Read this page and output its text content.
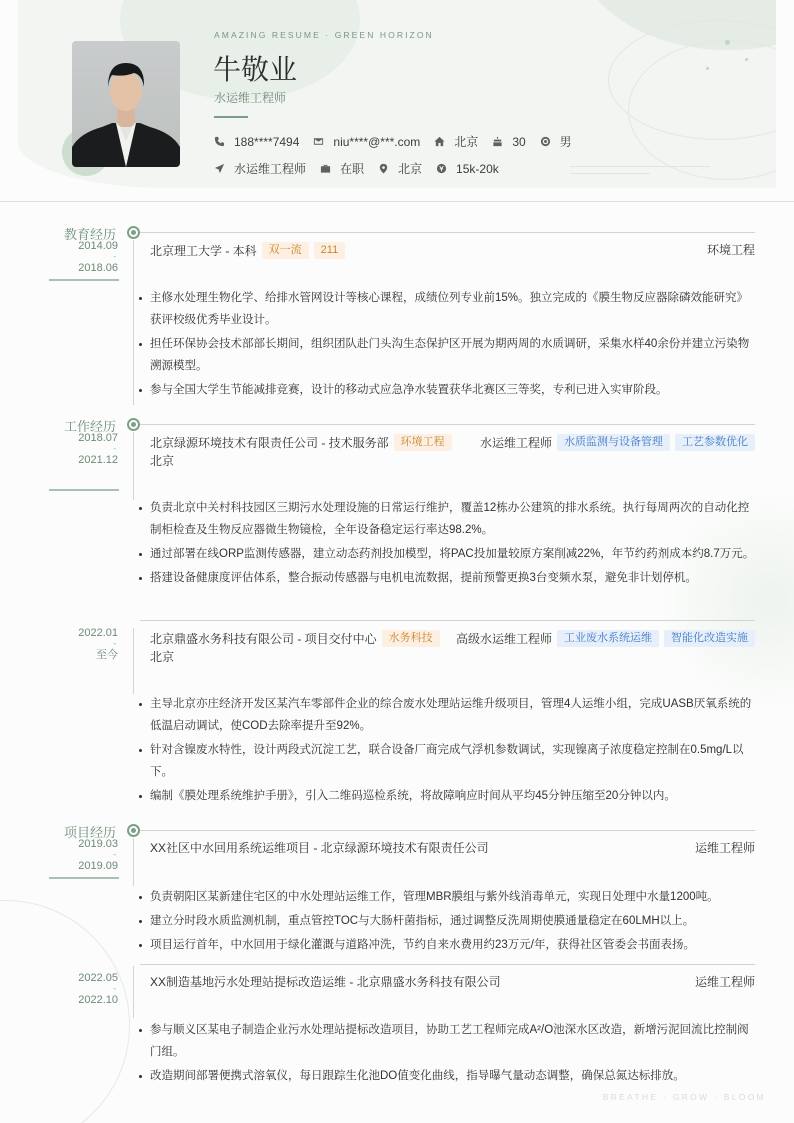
AMAZING RESUME · GREEN HORIZON
牛敬业
水运维工程师
188****7494	niu****@***.com	北京	30	男
水运维工程师	在职	北京	15k-20k
教育经历
2014.09
-
2018.06
北京理工大学 - 本科	双一流	211	环境工程
主修水处理生物化学、给排水管网设计等核心课程，成绩位列专业前15%。独立完成的《膜生物反应器除磷效能研究》获评校级优秀毕业设计。
担任环保协会技术部部长期间，组织团队赴门头沟生态保护区开展为期两周的水质调研，采集水样40余份并建立污染物溯源模型。
参与全国大学生节能减排竞赛，设计的移动式应急净水装置获华北赛区三等奖，专利已进入实审阶段。
工作经历
2018.07
-
2021.12
北京绿源环境技术有限责任公司 - 技术服务部	环境工程	水运维工程师	水质监测与设备管理	工艺参数优化
北京
负责北京中关村科技园区三期污水处理设施的日常运行维护，覆盖12栋办公建筑的排水系统。执行每周两次的自动化控制柜检查及生物反应器微生物镜检，全年设备稳定运行率达98.2%。
通过部署在线ORP监测传感器，建立动态药剂投加模型，将PAC投加量较原方案削减22%，年节约药剂成本约8.7万元。
搭建设备健康度评估体系，整合振动传感器与电机电流数据，提前预警更换3台变频水泵，避免非计划停机。
2022.01
-
至今
北京鼎盛水务科技有限公司 - 项目交付中心	水务科技	高级水运维工程师	工业废水系统运维	智能化改造实施
北京
主导北京亦庄经济开发区某汽车零部件企业的综合废水处理站运维升级项目，管理4人运维小组，完成UASB厌氧系统的低温启动调试，使COD去除率提升至92%。
针对含镍废水特性，设计两段式沉淀工艺，联合设备厂商完成气浮机参数调试，实现镍离子浓度稳定控制在0.5mg/L以下。
编制《膜处理系统维护手册》，引入二维码巡检系统，将故障响应时间从平均45分钟压缩至20分钟以内。
项目经历
2019.03
-
2019.09
XX社区中水回用系统运维项目 - 北京绿源环境技术有限责任公司	运维工程师
负责朝阳区某新建住宅区的中水处理站运维工作，管理MBR膜组与紫外线消毒单元，实现日处理中水量1200吨。
建立分时段水质监测机制，重点管控TOC与大肠杆菌指标，通过调整反洗周期使膜通量稳定在60LMH以上。
项目运行首年，中水回用于绿化灌溉与道路冲洗，节约自来水费用约23万元/年，获得社区管委会书面表扬。
2022.05
-
2022.10
XX制造基地污水处理站提标改造运维 - 北京鼎盛水务科技有限公司	运维工程师
参与顺义区某电子制造企业污水处理站提标改造项目，协助工艺工程师完成A²/O池深水区改造，新增污泥回流比控制阀门组。
改造期间部署便携式溶氧仪，每日跟踪生化池DO值变化曲线，指导曝气量动态调整，确保总氮达标排放。
BREATHE · GROW · BLOOM
